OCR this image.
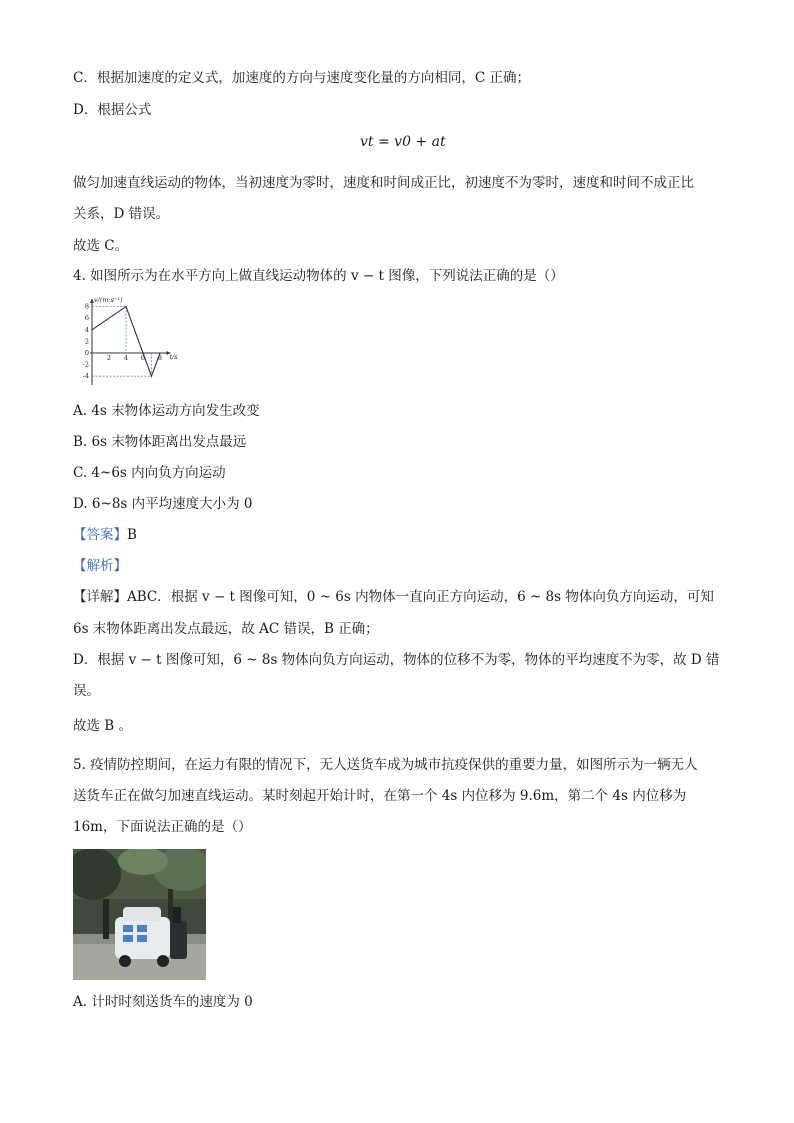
C．根据加速度的定义式，加速度的方向与速度变化量的方向相同，C 正确；
D．根据公式
vt = v0 + at
做匀加速直线运动的物体，当初速度为零时，速度和时间成正比，初速度不为零时，速度和时间不成正比
关系，D 错误。
故选 C。
4. 如图所示为在水平方向上做直线运动物体的 v − t 图像，下列说法正确的是（）
v/(m·s⁻¹)
t/s
8
6
4
2
0
-2
-4
2 4 6 8
A. 4s 末物体运动方向发生改变
B. 6s 末物体距离出发点最远
C. 4~6s 内向负方向运动
D. 6~8s 内平均速度大小为 0
【答案】B
【解析】
【详解】ABC．根据 v − t 图像可知，0 ~ 6s 内物体一直向正方向运动，6 ~ 8s 物体向负方向运动，可知
6s 末物体距离出发点最远，故 AC 错误，B 正确；
D．根据 v − t 图像可知，6 ~ 8s 物体向负方向运动，物体的位移不为零，物体的平均速度不为零，故 D 错
误。
故选 B 。
5. 疫情防控期间，在运力有限的情况下，无人送货车成为城市抗疫保供的重要力量，如图所示为一辆无人
送货车正在做匀加速直线运动。某时刻起开始计时，在第一个 4s 内位移为 9.6m，第二个 4s 内位移为
16m，下面说法正确的是（）
A. 计时时刻送货车的速度为 0
